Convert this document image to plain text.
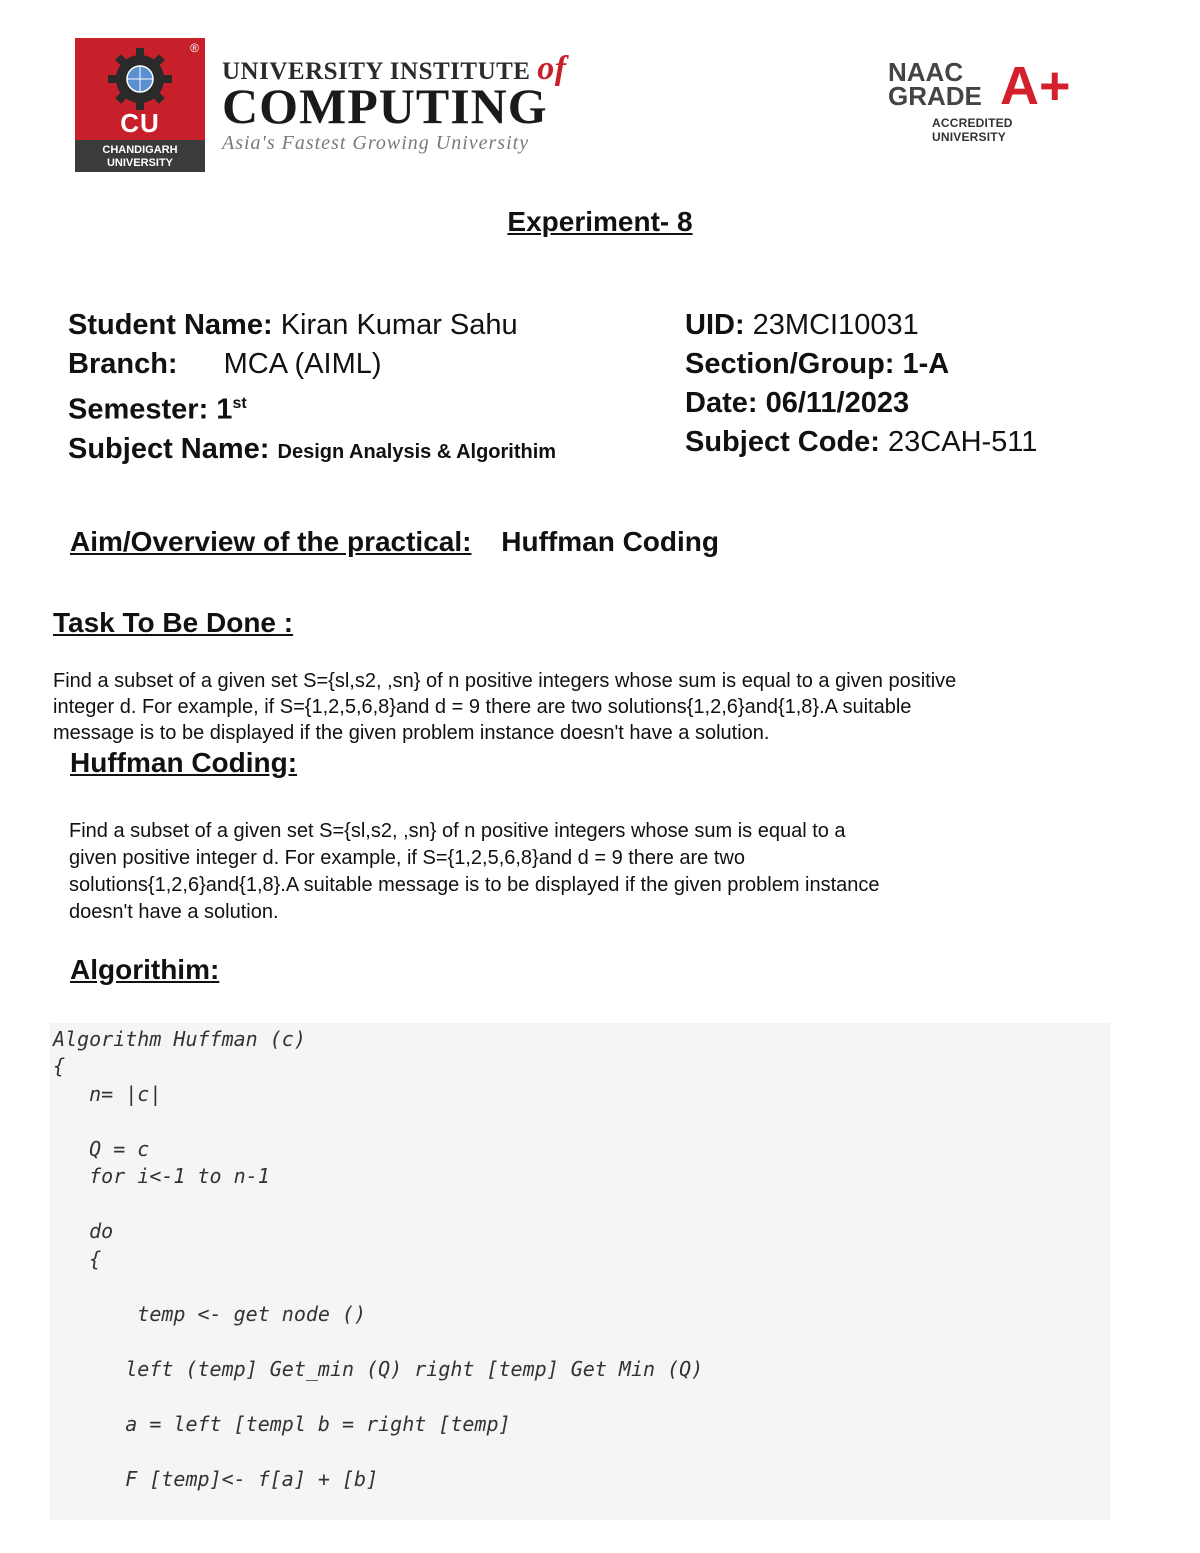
®
CU
CHANDIGARH
UNIVERSITY
UNIVERSITY INSTITUTE of
COMPUTING
Asia's Fastest Growing University
NAAC
GRADE A+
ACCREDITED UNIVERSITY
Experiment- 8
Student Name: Kiran Kumar Sahu
Branch: MCA (AIML)
Semester: 1st
Subject Name: Design Analysis & Algorithim
UID: 23MCI10031
Section/Group: 1-A
Date: 06/11/2023
Subject Code: 23CAH-511
Aim/Overview of the practical: Huffman Coding
Task To Be Done :
Find a subset of a given set S={sl,s2, ,sn} of n positive integers whose sum is equal to a given positive
integer d. For example, if S={1,2,5,6,8}and d = 9 there are two solutions{1,2,6}and{1,8}.A suitable
message is to be displayed if the given problem instance doesn't have a solution.
Huffman Coding:
Find a subset of a given set S={sl,s2, ,sn} of n positive integers whose sum is equal to a
given positive integer d. For example, if S={1,2,5,6,8}and d = 9 there are two
solutions{1,2,6}and{1,8}.A suitable message is to be displayed if the given problem instance
doesn't have a solution.
Algorithim:
Algorithm Huffman (c)
{
n= |c|
Q = c
for i<-1 to n-1
do
{
temp <- get node ()
left (temp] Get_min (Q) right [temp] Get Min (Q)
a = left [templ b = right [temp]
F [temp]<- f[a] + [b]
